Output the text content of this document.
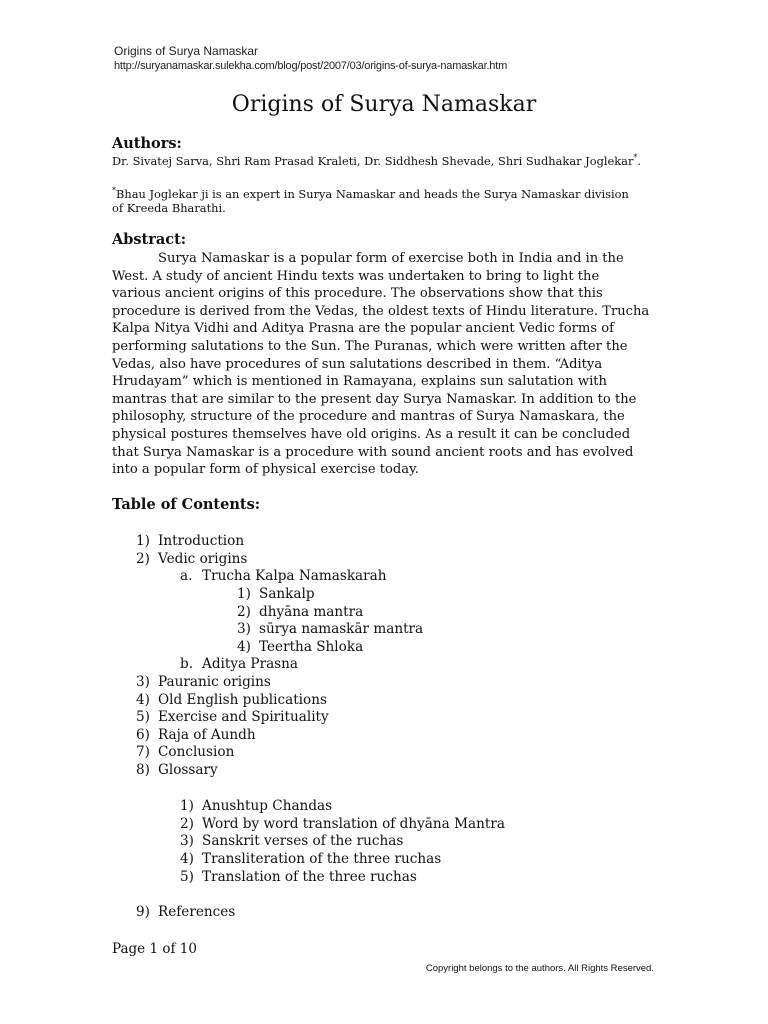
Origins of Surya Namaskar
http://suryanamaskar.sulekha.com/blog/post/2007/03/origins-of-surya-namaskar.htm
Origins of Surya Namaskar
Authors:
Dr. Sivatej Sarva, Shri Ram Prasad Kraleti, Dr. Siddhesh Shevade, Shri Sudhakar Joglekar*.
*Bhau Joglekar ji is an expert in Surya Namaskar and heads the Surya Namaskar division of Kreeda Bharathi.
Abstract:
Surya Namaskar is a popular form of exercise both in India and in the West. A study of ancient Hindu texts was undertaken to bring to light the various ancient origins of this procedure. The observations show that this procedure is derived from the Vedas, the oldest texts of Hindu literature. Trucha Kalpa Nitya Vidhi and Aditya Prasna are the popular ancient Vedic forms of performing salutations to the Sun. The Puranas, which were written after the Vedas, also have procedures of sun salutations described in them. “Aditya Hrudayam” which is mentioned in Ramayana, explains sun salutation with mantras that are similar to the present day Surya Namaskar. In addition to the philosophy, structure of the procedure and mantras of Surya Namaskara, the physical postures themselves have old origins. As a result it can be concluded that Surya Namaskar is a procedure with sound ancient roots and has evolved into a popular form of physical exercise today.
Table of Contents:
1) Introduction
2) Vedic origins
a. Trucha Kalpa Namaskarah
1) Sankalp
2) dhyāna mantra
3) sūrya namaskār mantra
4) Teertha Shloka
b. Aditya Prasna
3) Pauranic origins
4) Old English publications
5) Exercise and Spirituality
6) Raja of Aundh
7) Conclusion
8) Glossary
1) Anushtup Chandas
2) Word by word translation of dhyāna Mantra
3) Sanskrit verses of the ruchas
4) Transliteration of the three ruchas
5) Translation of the three ruchas
9) References
Page 1 of 10
Copyright belongs to the authors. All Rights Reserved.
